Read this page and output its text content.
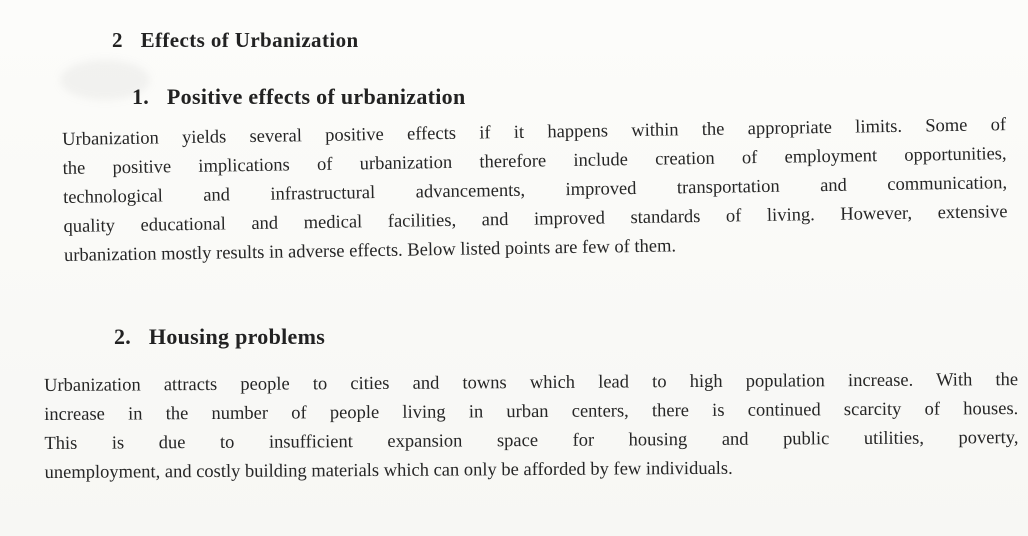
2 Effects of Urbanization
1. Positive effects of urbanization
Urbanization yields several positive effects if it happens within the appropriate limits. Some of
the positive implications of urbanization therefore include creation of employment opportunities,
technological and infrastructural advancements, improved transportation and communication,
quality educational and medical facilities, and improved standards of living. However, extensive
urbanization mostly results in adverse effects. Below listed points are few of them.
2. Housing problems
Urbanization attracts people to cities and towns which lead to high population increase. With the
increase in the number of people living in urban centers, there is continued scarcity of houses.
This is due to insufficient expansion space for housing and public utilities, poverty,
unemployment, and costly building materials which can only be afforded by few individuals.
